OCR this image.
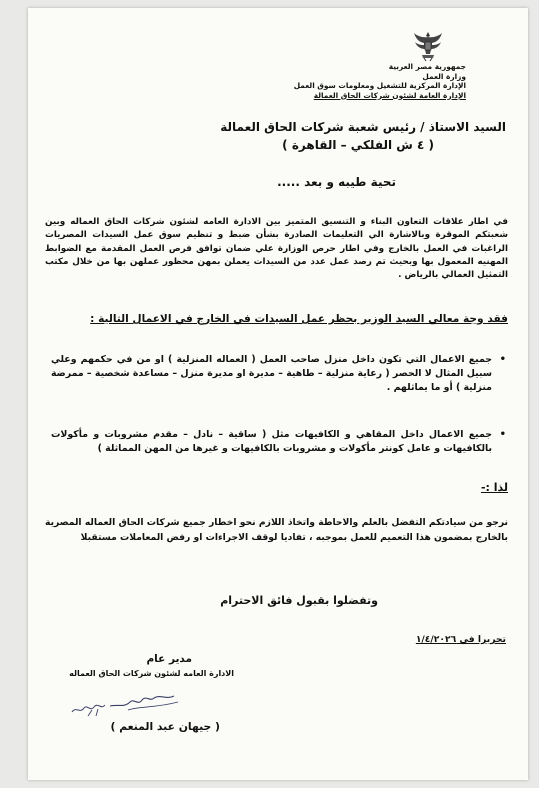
جمهورية مصر العربية
وزارة العمل
الإدارة المركزية للتشغيل ومعلومات سوق العمل
الإدارة العامة لشئون شركات الحاق العمالة
السيد الاستاذ / رئيس شعبة شركات الحاق العمالة
( ٤ ش الفلكي – القاهرة )
تحية طيبه و بعد .....
في اطار علاقات التعاون البناء و التنسيق المتميز بين الادارة العامه لشئون شركات الحاق العماله وبين شعبتكم الموقرة وبالاشارة الي التعليمات الصادرة بشأن ضبط و تنظيم سوق عمل السيدات المصريات الراغبات في العمل بالخارج وفي اطار حرص الوزارة علي ضمان توافق فرص العمل المقدمة مع الضوابط المهنيه المعمول بها وبحيث تم رصد عمل عدد من السيدات يعملن بمهن محظور عملهن بها من خلال مكتب التمثيل العمالي بالرياض .
فقد وجة معالي السيد الوزير بحظر عمل السيدات في الخارج في الاعمال التالية :
•
جميع الاعمال التي تكون داخل منزل صاحب العمل ( العماله المنزلية ) او من في حكمهم وعلي سبيل المثال لا الحصر ( رعاية منزلية – طاهية – مديرة او مديرة منزل – مساعدة شخصية – ممرضة منزلية ) أو ما يماثلهم .
•
جميع الاعمال داخل المقاهي و الكافيهات مثل ( ساقية – نادل – مقدم مشروبات و مأكولات بالكافيهات و عامل كونتر مأكولات و مشروبات بالكافيهات و غيرها من المهن المماثلة )
لذا :-
نرجو من سيادتكم التفضل بالعلم والاحاطة واتخاذ اللازم نحو اخطار جميع شركات الحاق العماله المصرية بالخارج بمضمون هذا التعميم للعمل بموجبه ، تفاديا لوقف الاجراءات او رفض المعاملات مستقبلا
وتفضلوا بقبول فائق الاحترام
تحريرا في ١/٤/٢٠٢٦
مدير عام
الادارة العامه لشئون شركات الحاق العماله
( جيهان عبد المنعم )
